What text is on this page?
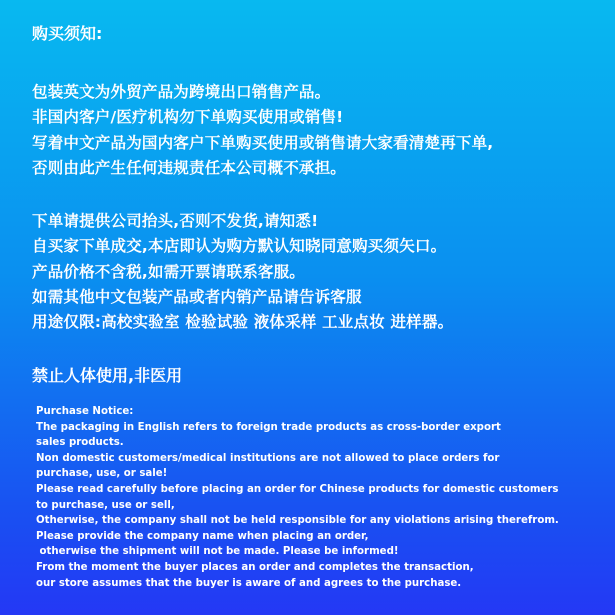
购买须知:
包装英文为外贸产品为跨境出口销售产品。
非国内客户/医疗机构勿下单购买使用或销售!
写着中文产品为国内客户下单购买使用或销售请大家看清楚再下单,
否则由此产生任何违规责任本公司概不承担。
下单请提供公司抬头,否则不发货,请知悉!
自买家下单成交,本店即认为购方默认知晓同意购买须矢口。
产品价格不含税,如需开票请联系客服。
如需其他中文包装产品或者内销产品请告诉客服
用途仅限:高校实验室 检验试验 液体采样 工业点妆 进样器。
禁止人体使用,非医用
Purchase Notice:
The packaging in English refers to foreign trade products as cross-border export
sales products.
Non domestic customers/medical institutions are not allowed to place orders for
purchase, use, or sale!
Please read carefully before placing an order for Chinese products for domestic customers
to purchase, use or sell,
Otherwise, the company shall not be held responsible for any violations arising therefrom.
Please provide the company name when placing an order,
otherwise the shipment will not be made. Please be informed!
From the moment the buyer places an order and completes the transaction,
our store assumes that the buyer is aware of and agrees to the purchase.
